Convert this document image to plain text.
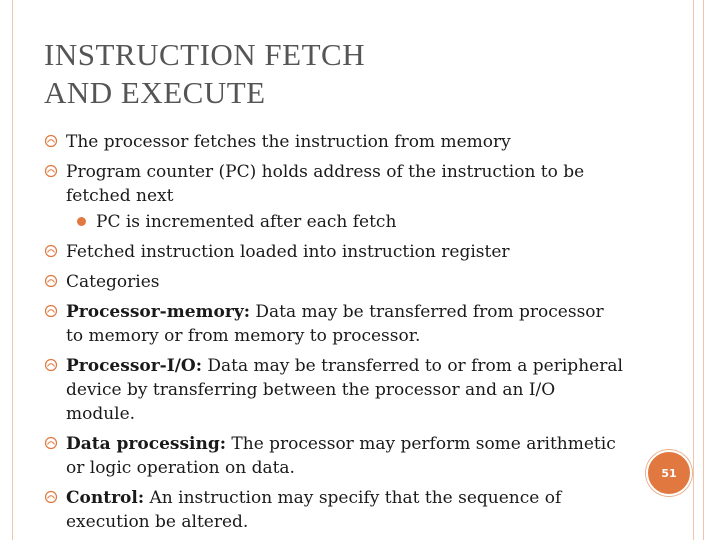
INSTRUCTION FETCH
AND EXECUTE
The processor fetches the instruction from memory
Program counter (PC) holds address of the instruction to be fetched next
PC is incremented after each fetch
Fetched instruction loaded into instruction register
Categories
Processor-memory: Data may be transferred from processor to memory or from memory to processor.
Processor-I/O: Data may be transferred to or from a peripheral device by transferring between the processor and an I/O module.
Data processing: The processor may perform some arithmetic or logic operation on data.
Control: An instruction may specify that the sequence of execution be altered.
51
